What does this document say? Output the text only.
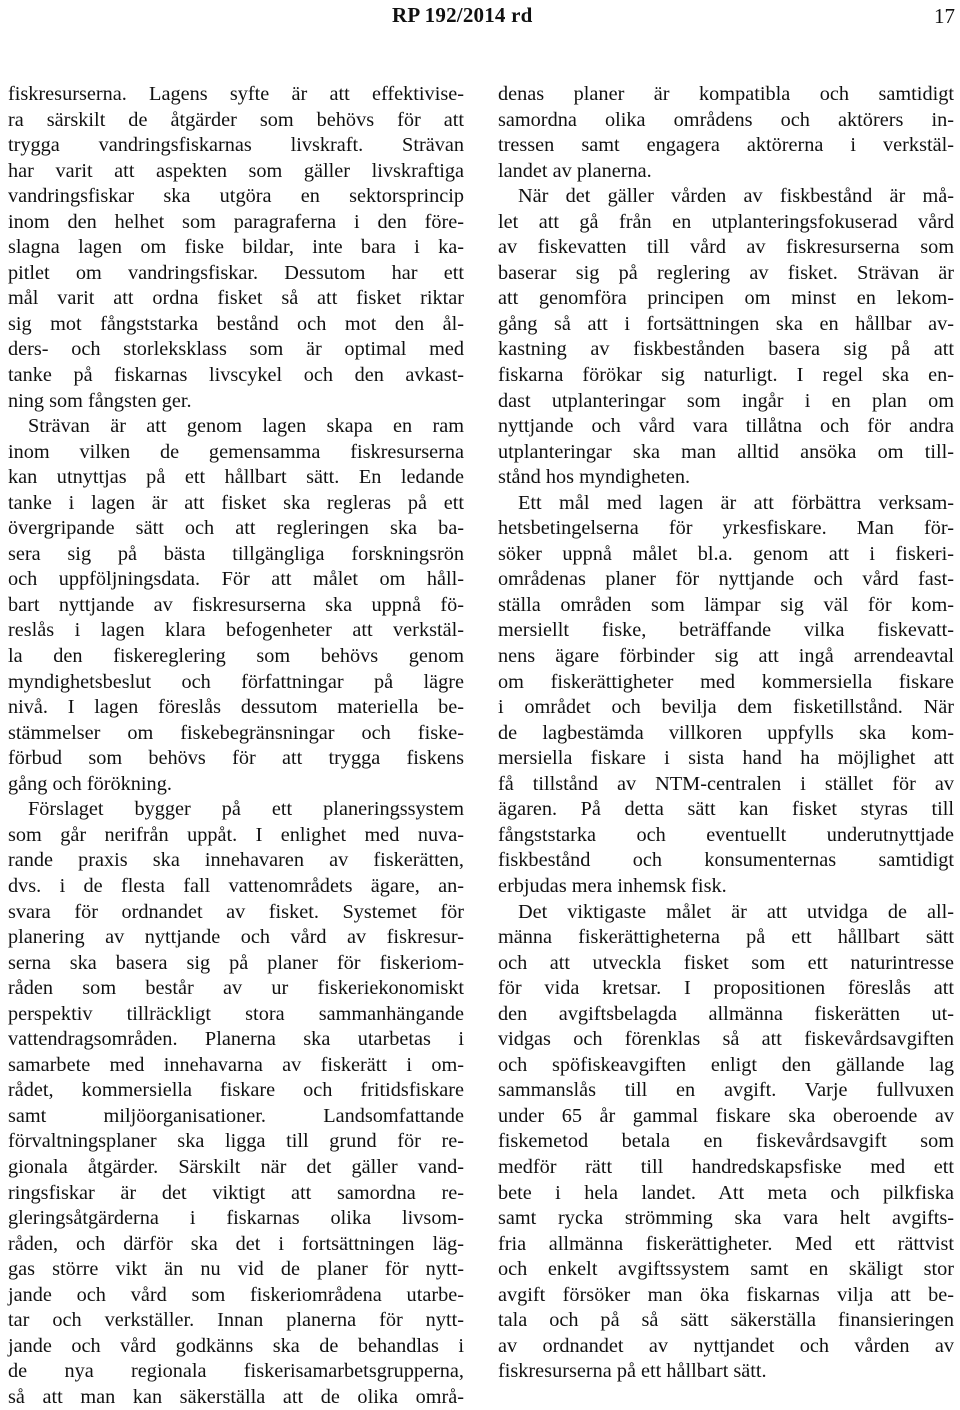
RP 192/2014 rd	17
fiskresurserna. Lagens syfte är att effektivise-
ra särskilt de åtgärder som behövs för att
trygga vandringsfiskarnas livskraft. Strävan
har varit att aspekten som gäller livskraftiga
vandringsfiskar ska utgöra en sektorsprincip
inom den helhet som paragraferna i den före-
slagna lagen om fiske bildar, inte bara i ka-
pitlet om vandringsfiskar. Dessutom har ett
mål varit att ordna fisket så att fisket riktar
sig mot fångststarka bestånd och mot den ål-
ders- och storleksklass som är optimal med
tanke på fiskarnas livscykel och den avkast-
ning som fångsten ger.
Strävan är att genom lagen skapa en ram
inom vilken de gemensamma fiskresurserna
kan utnyttjas på ett hållbart sätt. En ledande
tanke i lagen är att fisket ska regleras på ett
övergripande sätt och att regleringen ska ba-
sera sig på bästa tillgängliga forskningsrön
och uppföljningsdata. För att målet om håll-
bart nyttjande av fiskresurserna ska uppnå fö-
reslås i lagen klara befogenheter att verkstäl-
la den fiskereglering som behövs genom
myndighetsbeslut och författningar på lägre
nivå. I lagen föreslås dessutom materiella be-
stämmelser om fiskebegränsningar och fiske-
förbud som behövs för att trygga fiskens
gång och förökning.
Förslaget bygger på ett planeringssystem
som går nerifrån uppåt. I enlighet med nuva-
rande praxis ska innehavaren av fiskerätten,
dvs. i de flesta fall vattenområdets ägare, an-
svara för ordnandet av fisket. Systemet för
planering av nyttjande och vård av fiskresur-
serna ska basera sig på planer för fiskeriom-
råden som består av ur fiskeriekonomiskt
perspektiv tillräckligt stora sammanhängande
vattendragsområden. Planerna ska utarbetas i
samarbete med innehavarna av fiskerätt i om-
rådet, kommersiella fiskare och fritidsfiskare
samt miljöorganisationer. Landsomfattande
förvaltningsplaner ska ligga till grund för re-
gionala åtgärder. Särskilt när det gäller vand-
ringsfiskar är det viktigt att samordna re-
gleringsåtgärderna i fiskarnas olika livsom-
råden, och därför ska det i fortsättningen läg-
gas större vikt än nu vid de planer för nytt-
jande och vård som fiskeriområdena utarbe-
tar och verkställer. Innan planerna för nytt-
jande och vård godkänns ska de behandlas i
de nya regionala fiskerisamarbetsgrupperna,
så att man kan säkerställa att de olika områ-
denas planer är kompatibla och samtidigt
samordna olika områdens och aktörers in-
tressen samt engagera aktörerna i verkstäl-
landet av planerna.
När det gäller vården av fiskbestånd är må-
let att gå från en utplanteringsfokuserad vård
av fiskevatten till vård av fiskresurserna som
baserar sig på reglering av fisket. Strävan är
att genomföra principen om minst en lekom-
gång så att i fortsättningen ska en hållbar av-
kastning av fiskbestånden basera sig på att
fiskarna förökar sig naturligt. I regel ska en-
dast utplanteringar som ingår i en plan om
nyttjande och vård vara tillåtna och för andra
utplanteringar ska man alltid ansöka om till-
stånd hos myndigheten.
Ett mål med lagen är att förbättra verksam-
hetsbetingelserna för yrkesfiskare. Man för-
söker uppnå målet bl.a. genom att i fiskeri-
områdenas planer för nyttjande och vård fast-
ställa områden som lämpar sig väl för kom-
mersiellt fiske, beträffande vilka fiskevatt-
nens ägare förbinder sig att ingå arrendeavtal
om fiskerättigheter med kommersiella fiskare
i området och bevilja dem fisketillstånd. När
de lagbestämda villkoren uppfylls ska kom-
mersiella fiskare i sista hand ha möjlighet att
få tillstånd av NTM-centralen i stället för av
ägaren. På detta sätt kan fisket styras till
fångststarka och eventuellt underutnyttjade
fiskbestånd och konsumenternas samtidigt
erbjudas mera inhemsk fisk.
Det viktigaste målet är att utvidga de all-
männa fiskerättigheterna på ett hållbart sätt
och att utveckla fisket som ett naturintresse
för vida kretsar. I propositionen föreslås att
den avgiftsbelagda allmänna fiskerätten ut-
vidgas och förenklas så att fiskevårdsavgiften
och spöfiskeavgiften enligt den gällande lag
sammanslås till en avgift. Varje fullvuxen
under 65 år gammal fiskare ska oberoende av
fiskemetod betala en fiskevårdsavgift som
medför rätt till handredskapsfiske med ett
bete i hela landet. Att meta och pilkfiska
samt rycka strömming ska vara helt avgifts-
fria allmänna fiskerättigheter. Med ett rättvist
och enkelt avgiftssystem samt en skäligt stor
avgift försöker man öka fiskarnas vilja att be-
tala och på så sätt säkerställa finansieringen
av ordnandet av nyttjandet och vården av
fiskresurserna på ett hållbart sätt.
